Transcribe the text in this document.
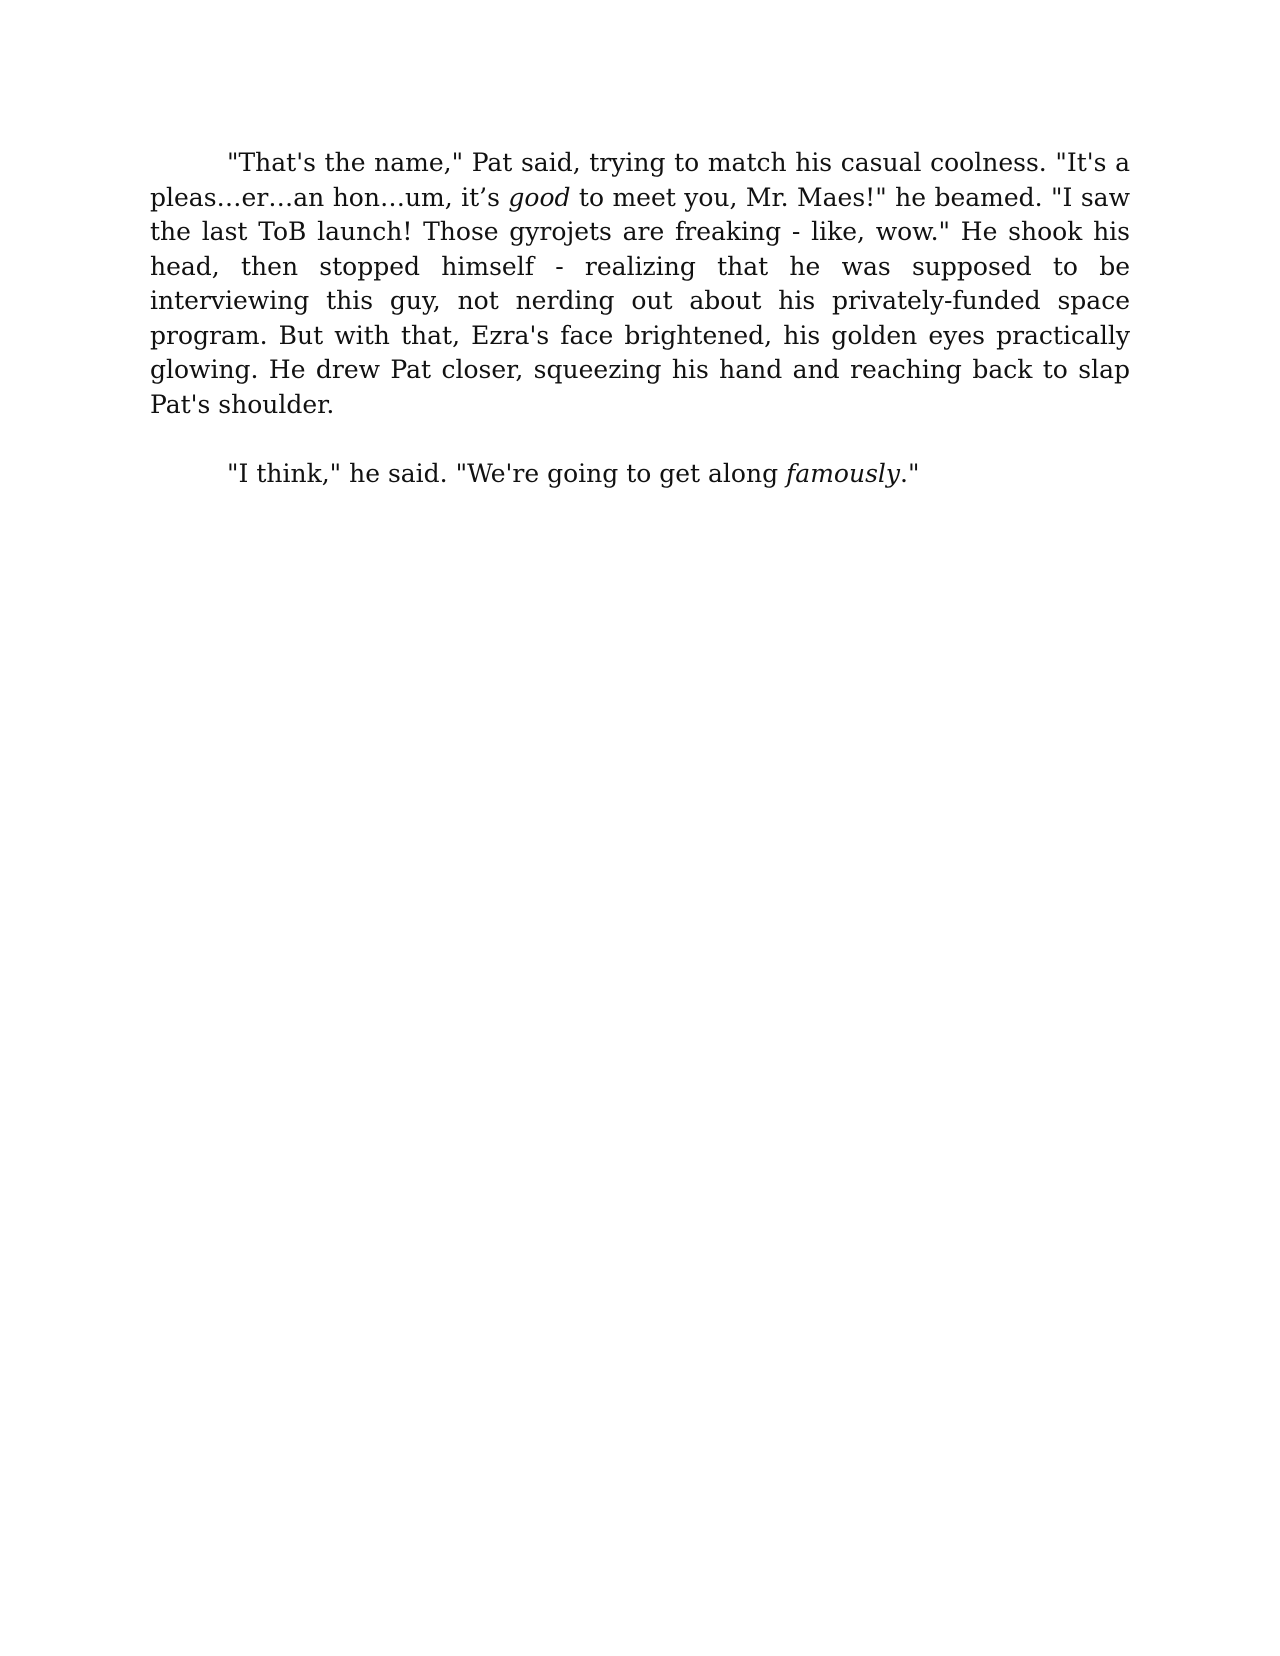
"That's the name," Pat said, trying to match his casual coolness. "It's a pleas…er…an hon…um, it’s good to meet you, Mr. Maes!" he beamed. "I saw the last ToB launch! Those gyrojets are freaking - like, wow." He shook his head, then stopped himself - realizing that he was supposed to be interviewing this guy, not nerding out about his privately-funded space program. But with that, Ezra's face brightened, his golden eyes practically glowing. He drew Pat closer, squeezing his hand and reaching back to slap Pat's shoulder.

"I think," he said. "We're going to get along famously."
